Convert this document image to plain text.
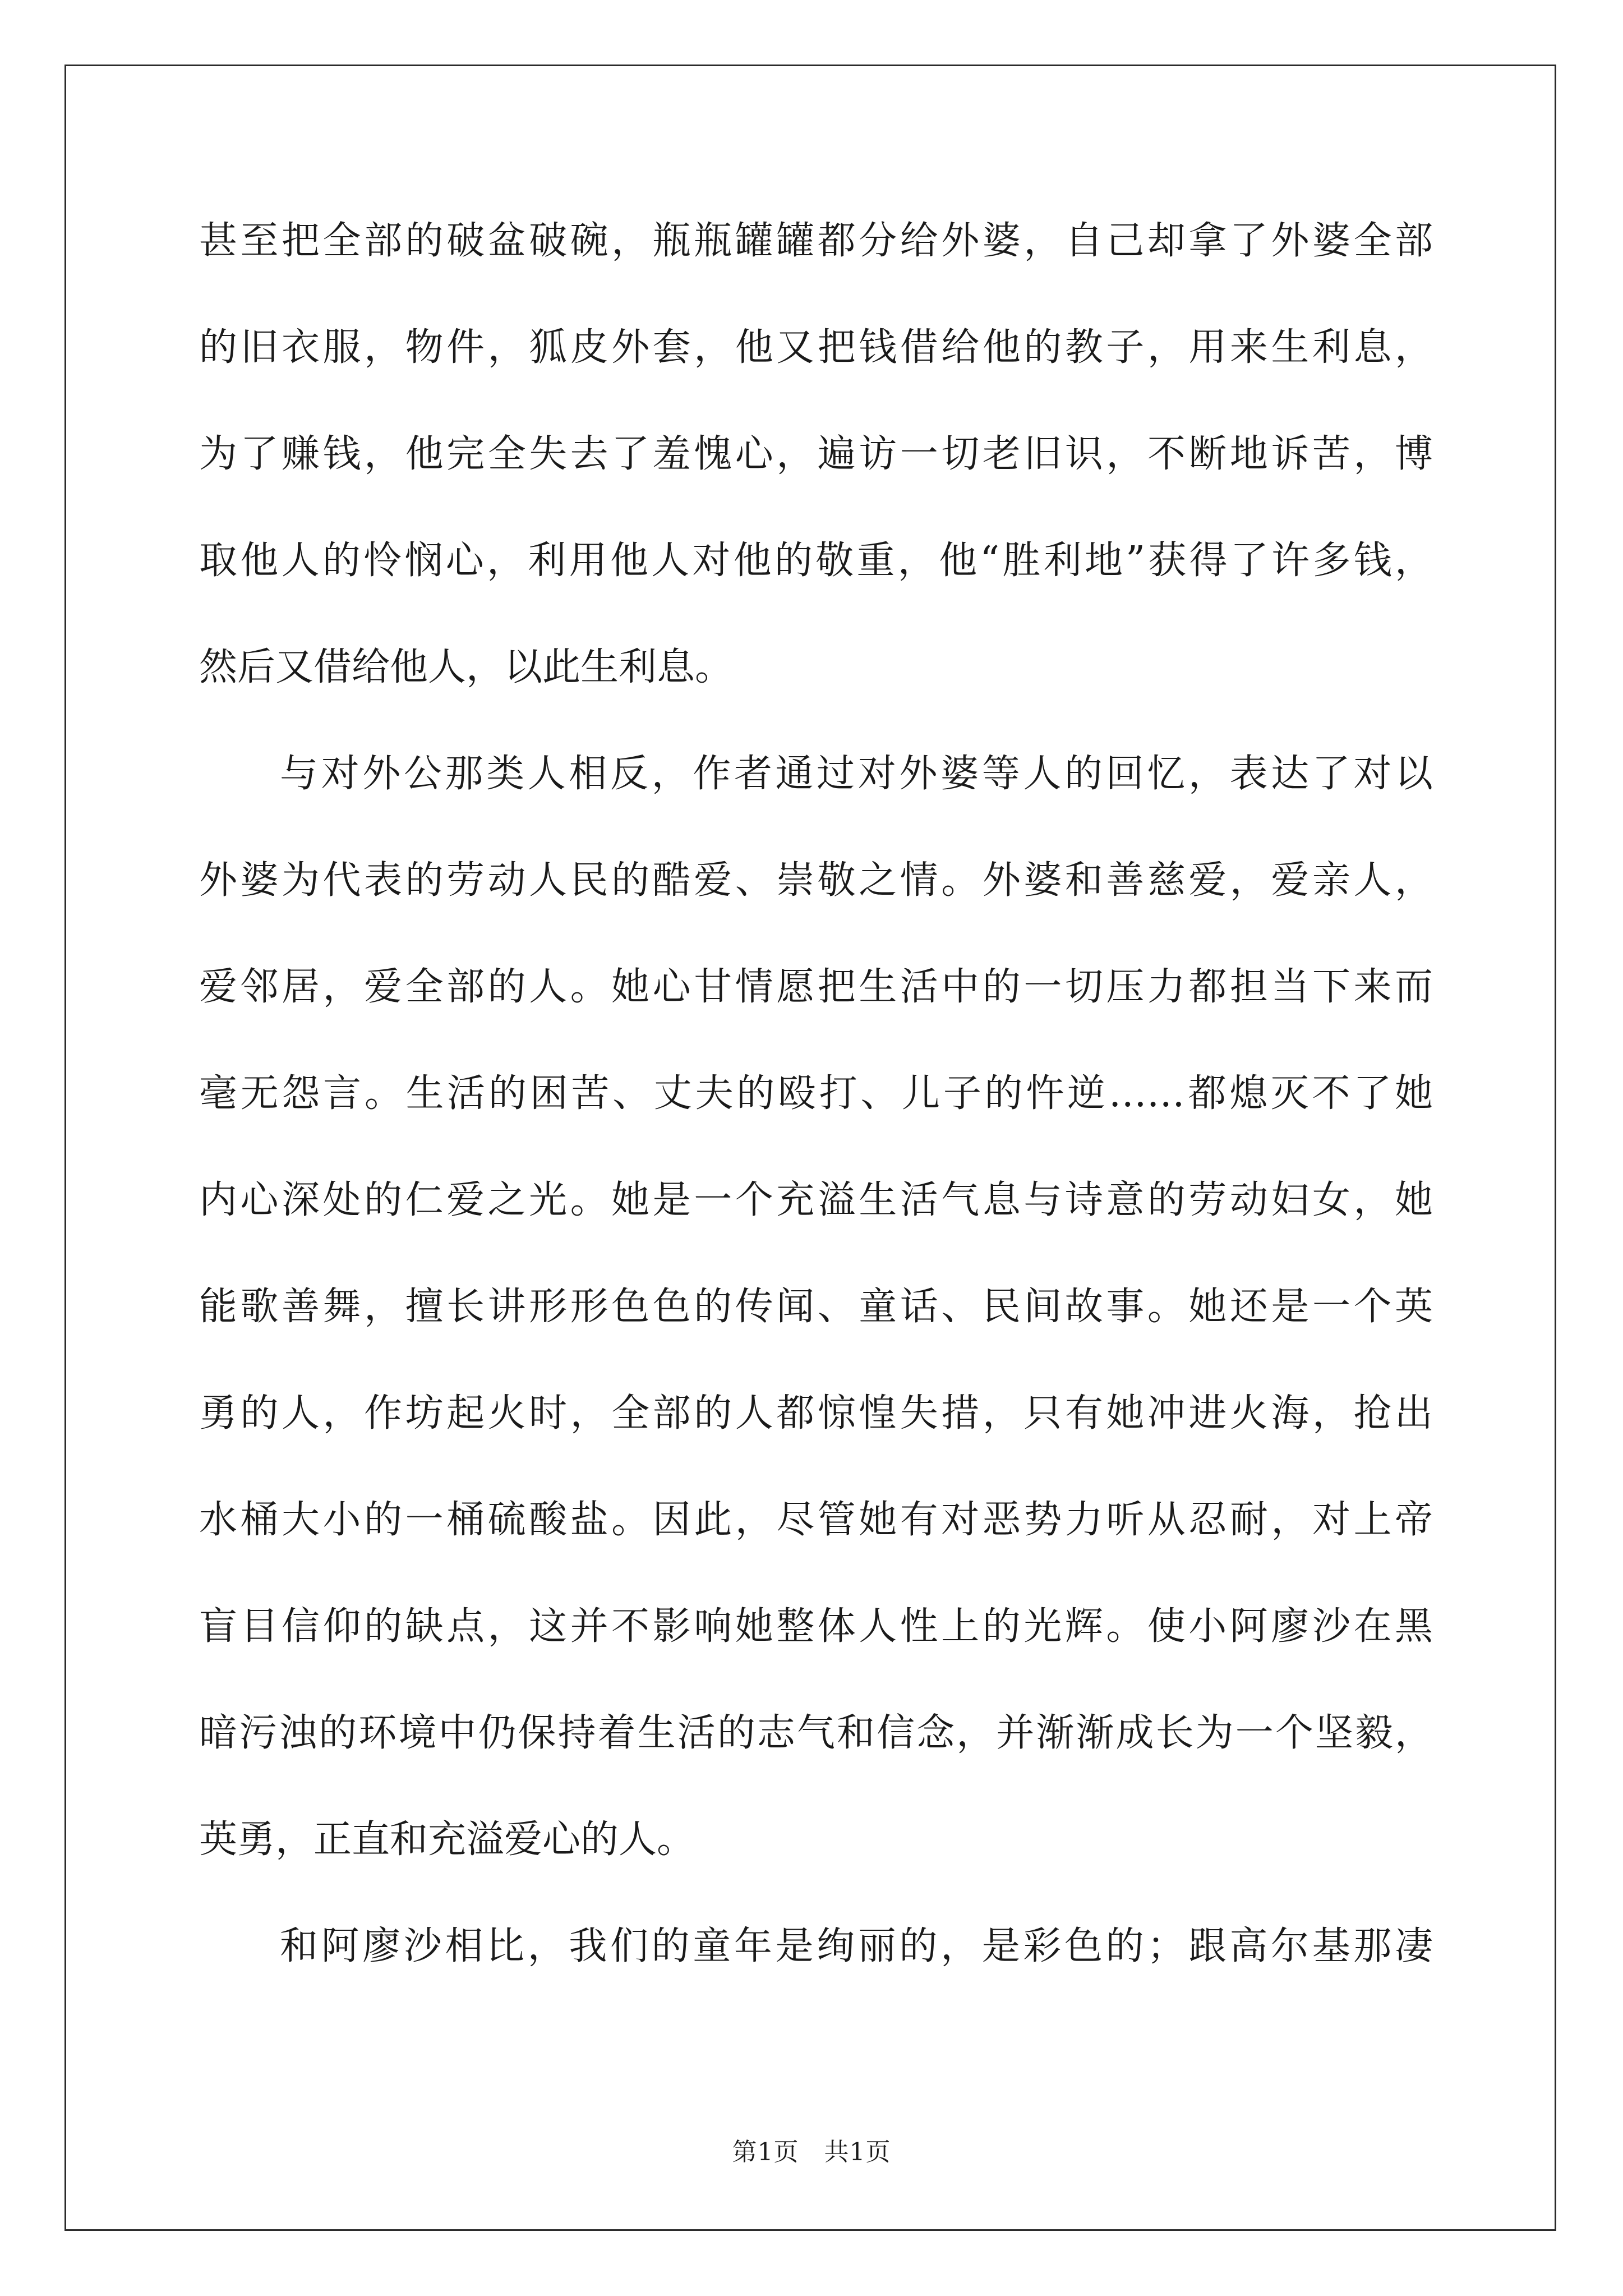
甚至把全部的破盆破碗，瓶瓶罐罐都分给外婆，自己却拿了外婆全部
的旧衣服，物件，狐皮外套，他又把钱借给他的教子，用来生利息，
为了赚钱，他完全失去了羞愧心，遍访一切老旧识，不断地诉苦，博
取他人的怜悯心，利用他人对他的敬重，他“胜利地”获得了许多钱，
然后又借给他人，以此生利息。
与对外公那类人相反，作者通过对外婆等人的回忆，表达了对以
外婆为代表的劳动人民的酷爱、崇敬之情。外婆和善慈爱，爱亲人，
爱邻居，爱全部的人。她心甘情愿把生活中的一切压力都担当下来而
毫无怨言。生活的困苦、丈夫的殴打、儿子的忤逆……都熄灭不了她
内心深处的仁爱之光。她是一个充溢生活气息与诗意的劳动妇女，她
能歌善舞，擅长讲形形色色的传闻、童话、民间故事。她还是一个英
勇的人，作坊起火时，全部的人都惊惶失措，只有她冲进火海，抢出
水桶大小的一桶硫酸盐。因此，尽管她有对恶势力听从忍耐，对上帝
盲目信仰的缺点，这并不影响她整体人性上的光辉。使小阿廖沙在黑
暗污浊的环境中仍保持着生活的志气和信念，并渐渐成长为一个坚毅，
英勇，正直和充溢爱心的人。
和阿廖沙相比，我们的童年是绚丽的，是彩色的；跟高尔基那凄
第1页　共1页
